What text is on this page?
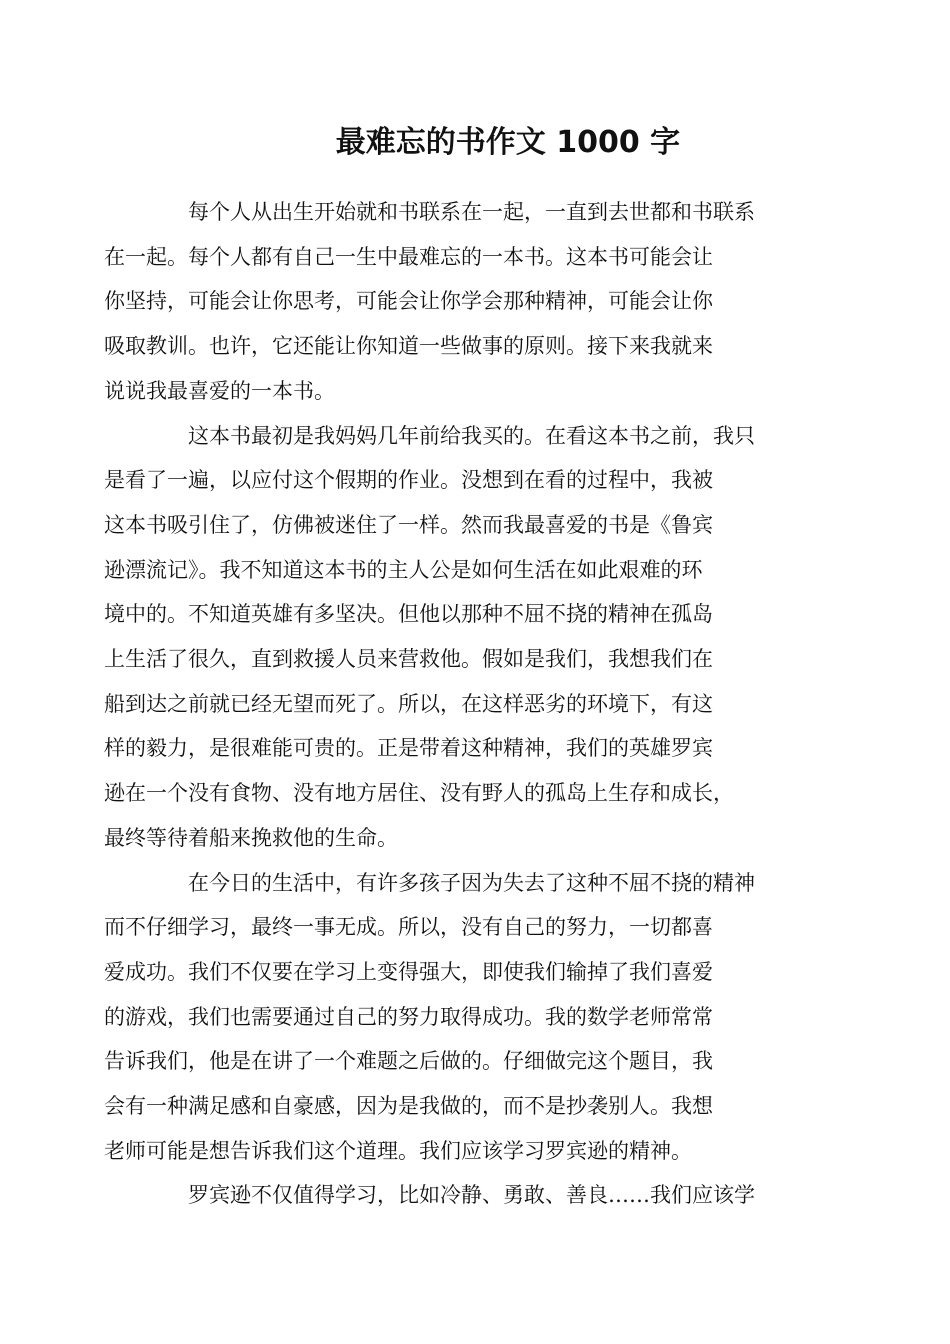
最难忘的书作文 1000 字

每个人从出生开始就和书联系在一起，一直到去世都和书联系
在一起。每个人都有自己一生中最难忘的一本书。这本书可能会让
你坚持，可能会让你思考，可能会让你学会那种精神，可能会让你
吸取教训。也许，它还能让你知道一些做事的原则。接下来我就来
说说我最喜爱的一本书。

这本书最初是我妈妈几年前给我买的。在看这本书之前，我只
是看了一遍，以应付这个假期的作业。没想到在看的过程中，我被
这本书吸引住了，仿佛被迷住了一样。然而我最喜爱的书是《鲁宾
逊漂流记》。我不知道这本书的主人公是如何生活在如此艰难的环
境中的。不知道英雄有多坚决。但他以那种不屈不挠的精神在孤岛
上生活了很久，直到救援人员来营救他。假如是我们，我想我们在
船到达之前就已经无望而死了。所以，在这样恶劣的环境下，有这
样的毅力，是很难能可贵的。正是带着这种精神，我们的英雄罗宾
逊在一个没有食物、没有地方居住、没有野人的孤岛上生存和成长，
最终等待着船来挽救他的生命。

在今日的生活中，有许多孩子因为失去了这种不屈不挠的精神
而不仔细学习，最终一事无成。所以，没有自己的努力，一切都喜
爱成功。我们不仅要在学习上变得强大，即使我们输掉了我们喜爱
的游戏，我们也需要通过自己的努力取得成功。我的数学老师常常
告诉我们，他是在讲了一个难题之后做的。仔细做完这个题目，我
会有一种满足感和自豪感，因为是我做的，而不是抄袭别人。我想
老师可能是想告诉我们这个道理。我们应该学习罗宾逊的精神。

罗宾逊不仅值得学习，比如冷静、勇敢、善良……我们应该学
